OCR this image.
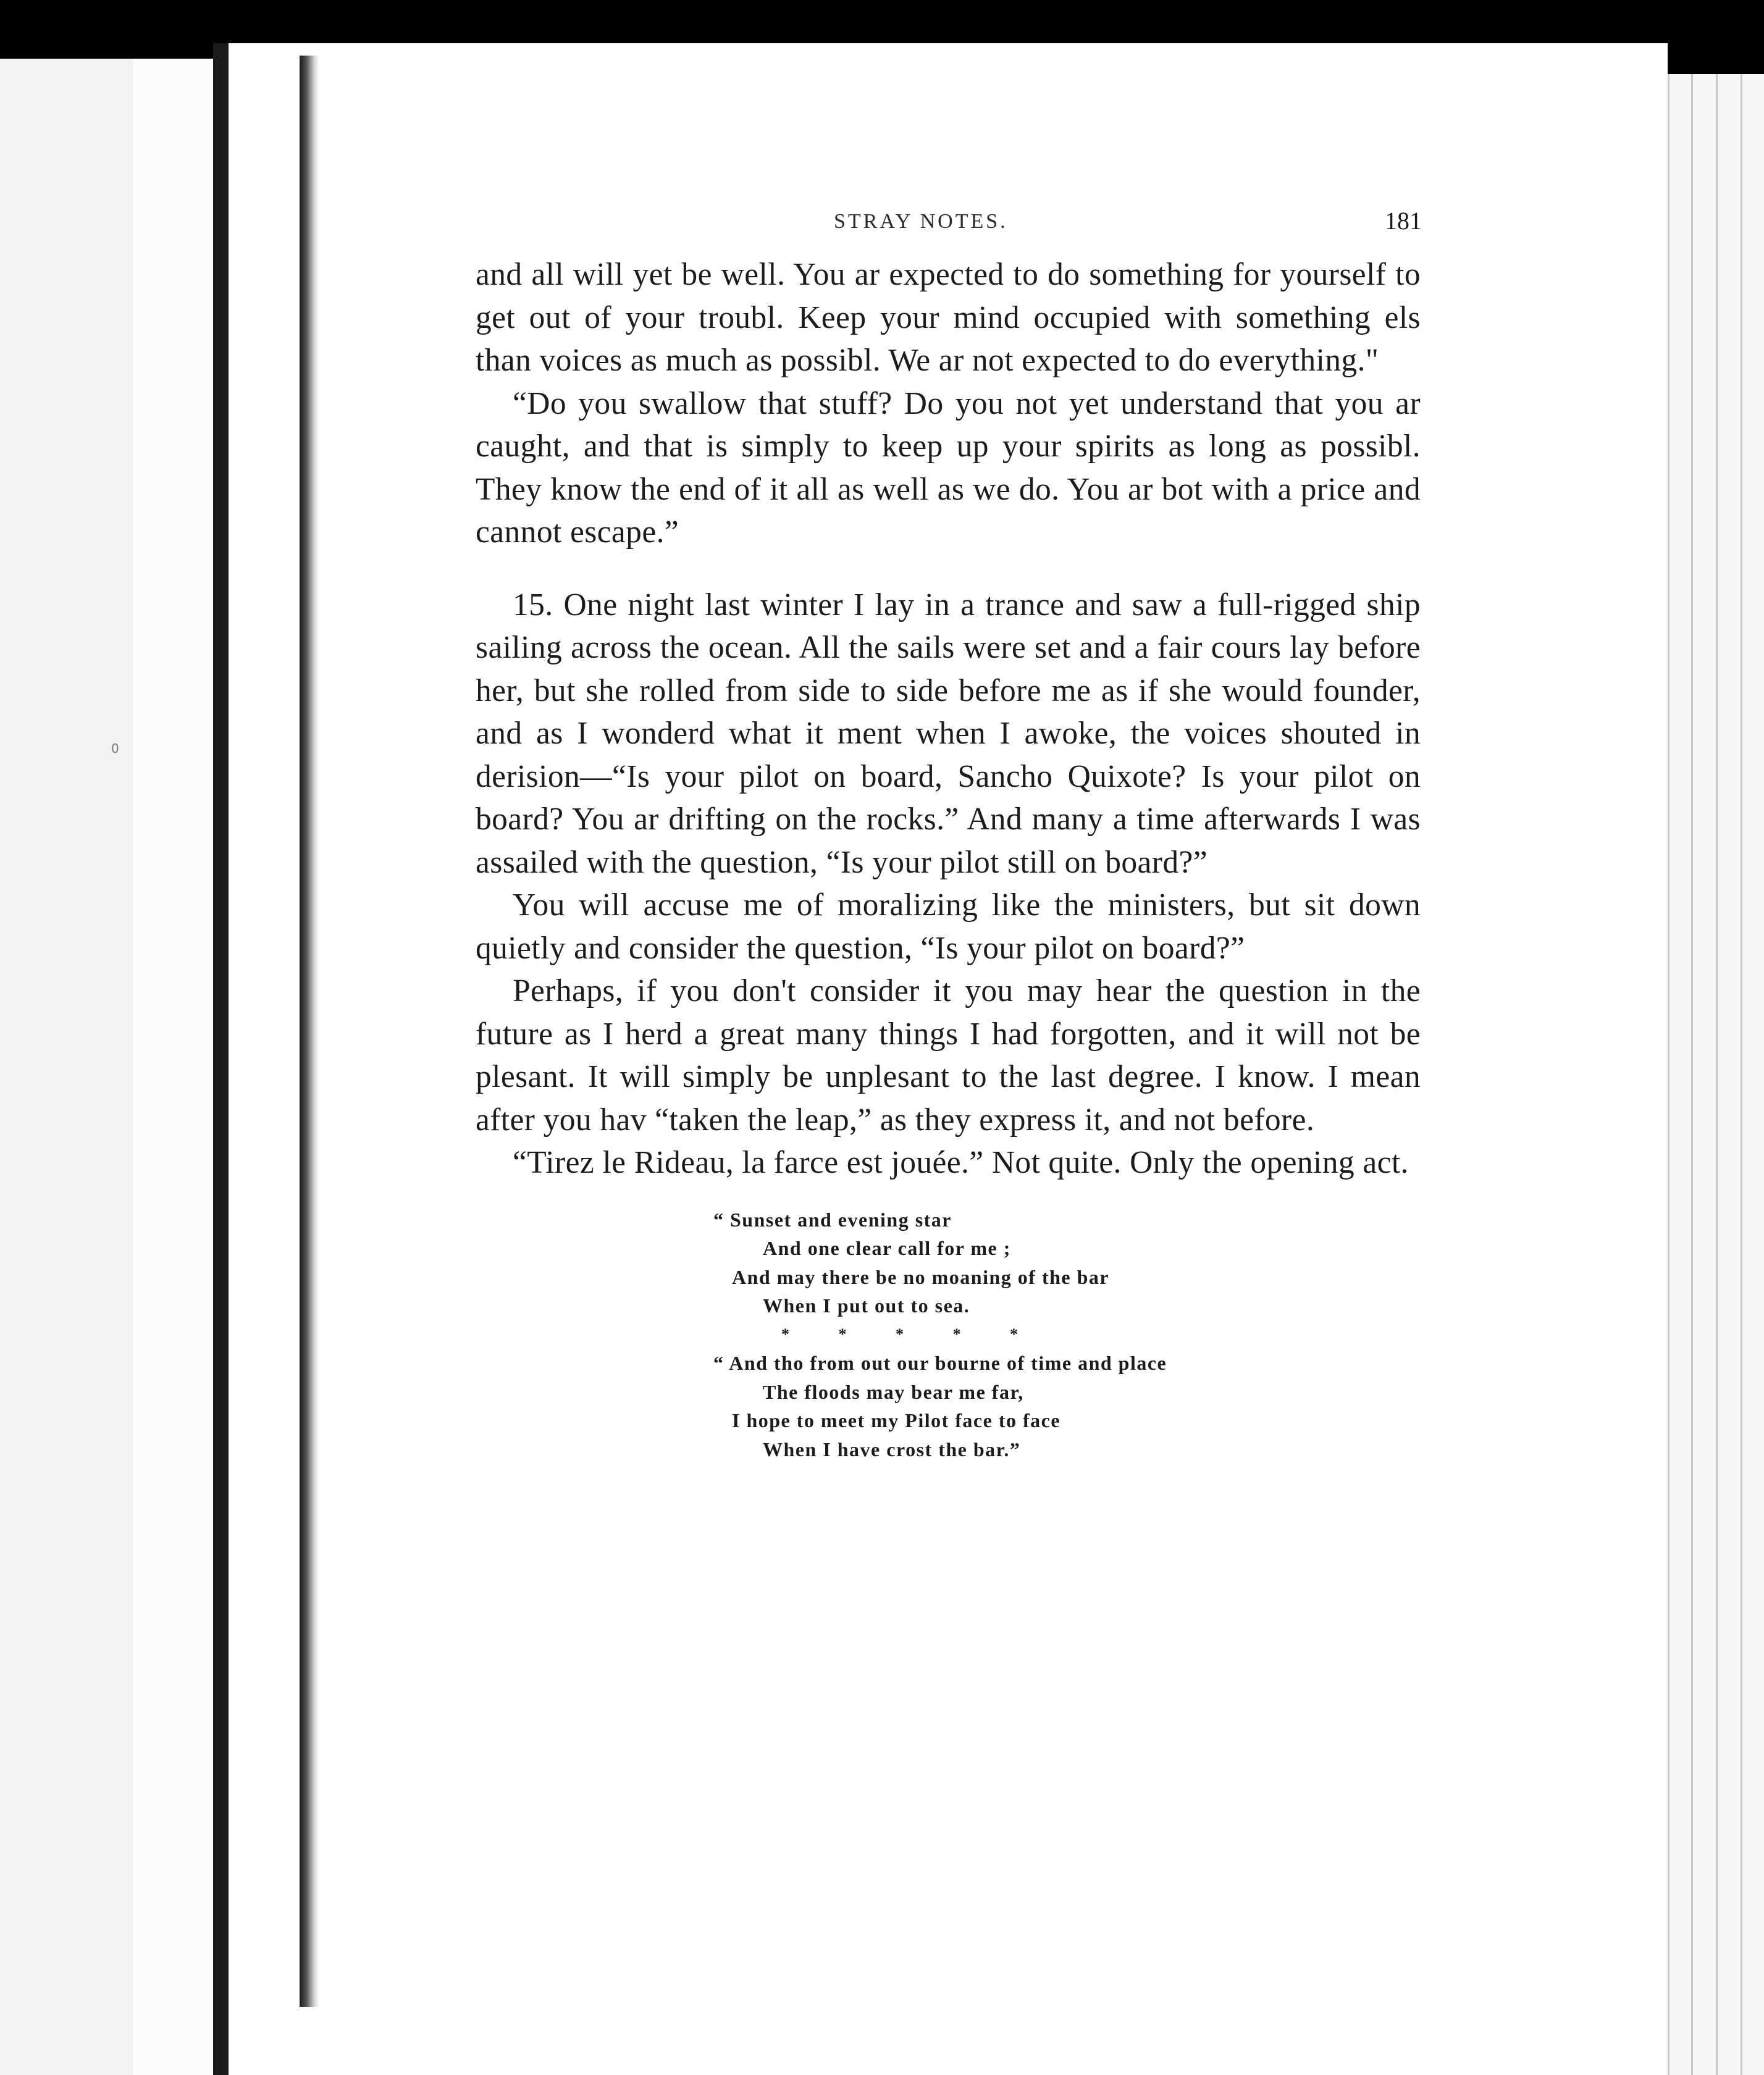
0
STRAY NOTES.	181

and all will yet be well. You ar expected to do something for yourself to get out of your troubl. Keep your mind occupied with something els than voices as much as possibl. We ar not expected to do everything."

“Do you swallow that stuff? Do you not yet understand that you ar caught, and that is simply to keep up your spirits as long as possibl. They know the end of it all as well as we do. You ar bot with a price and cannot escape.”

15. One night last winter I lay in a trance and saw a full-rigged ship sailing across the ocean. All the sails were set and a fair cours lay before her, but she rolled from side to side before me as if she would founder, and as I wonderd what it ment when I awoke, the voices shouted in derision—“Is your pilot on board, Sancho Quixote? Is your pilot on board? You ar drifting on the rocks.” And many a time afterwards I was assailed with the question, “Is your pilot still on board?”

You will accuse me of moralizing like the ministers, but sit down quietly and consider the question, “Is your pilot on board?”

Perhaps, if you don't consider it you may hear the question in the future as I herd a great many things I had forgotten, and it will not be plesant. It will simply be unplesant to the last degree. I know. I mean after you hav “taken the leap,” as they express it, and not before.

“Tirez le Rideau, la farce est jouée.” Not quite. Only the opening act.

“ Sunset and evening star
And one clear call for me ;
And may there be no moaning of the bar
When I put out to sea.
* * * * *
“ And tho from out our bourne of time and place
The floods may bear me far,
I hope to meet my Pilot face to face
When I have crost the bar.”
